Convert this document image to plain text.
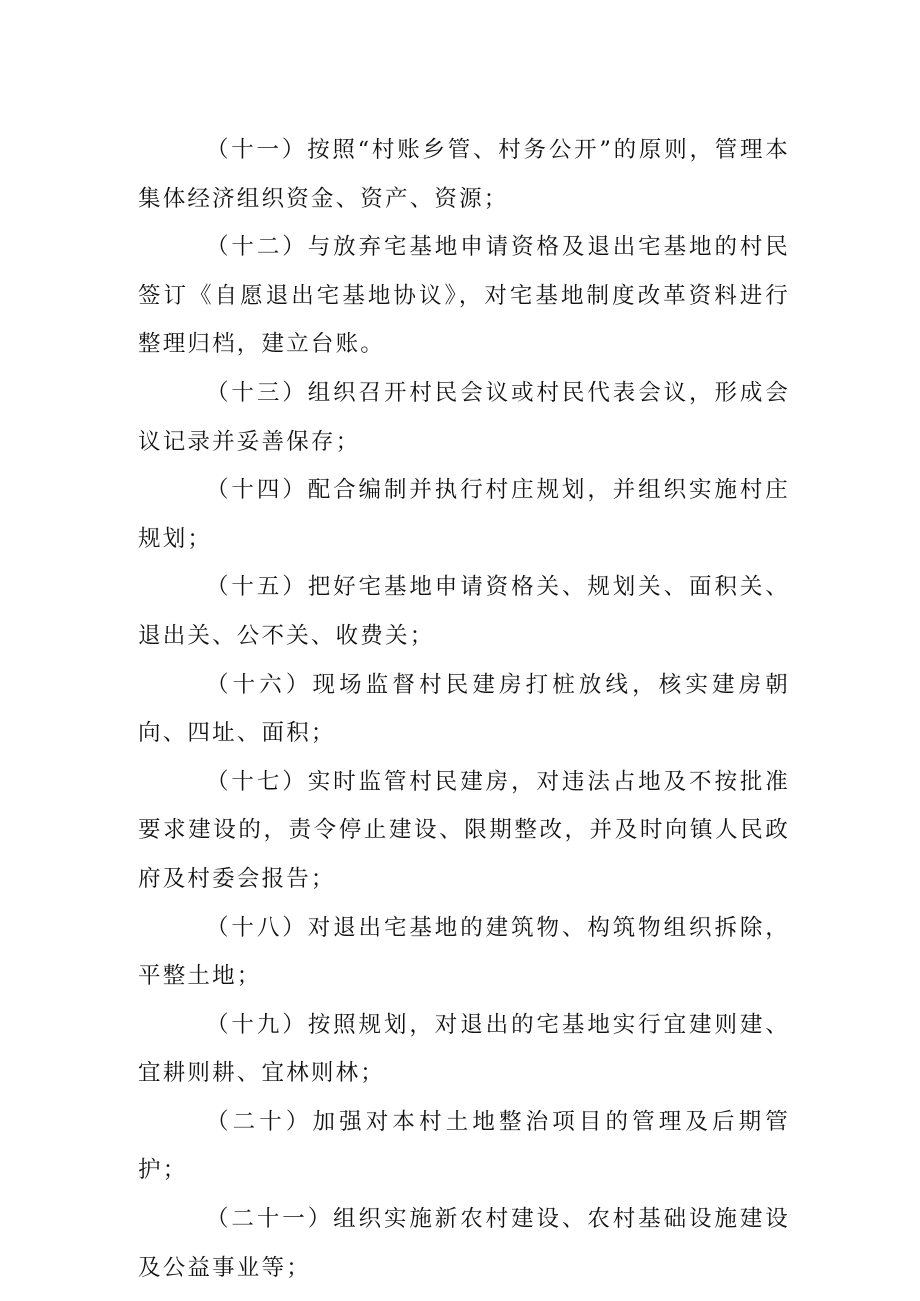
（十一）按照“村账乡管、村务公开”的原则，管理本集体经济组织资金、资产、资源；

（十二）与放弃宅基地申请资格及退出宅基地的村民签订《自愿退出宅基地协议》，对宅基地制度改革资料进行整理归档，建立台账。

（十三）组织召开村民会议或村民代表会议，形成会议记录并妥善保存；

（十四）配合编制并执行村庄规划，并组织实施村庄规划；

（十五）把好宅基地申请资格关、规划关、面积关、退出关、公不关、收费关；

（十六）现场监督村民建房打桩放线，核实建房朝向、四址、面积；

（十七）实时监管村民建房，对违法占地及不按批准要求建设的，责令停止建设、限期整改，并及时向镇人民政府及村委会报告；

（十八）对退出宅基地的建筑物、构筑物组织拆除，平整土地；

（十九）按照规划，对退出的宅基地实行宜建则建、宜耕则耕、宜林则林；

（二十）加强对本村土地整治项目的管理及后期管护；

（二十一）组织实施新农村建设、农村基础设施建设及公益事业等；
